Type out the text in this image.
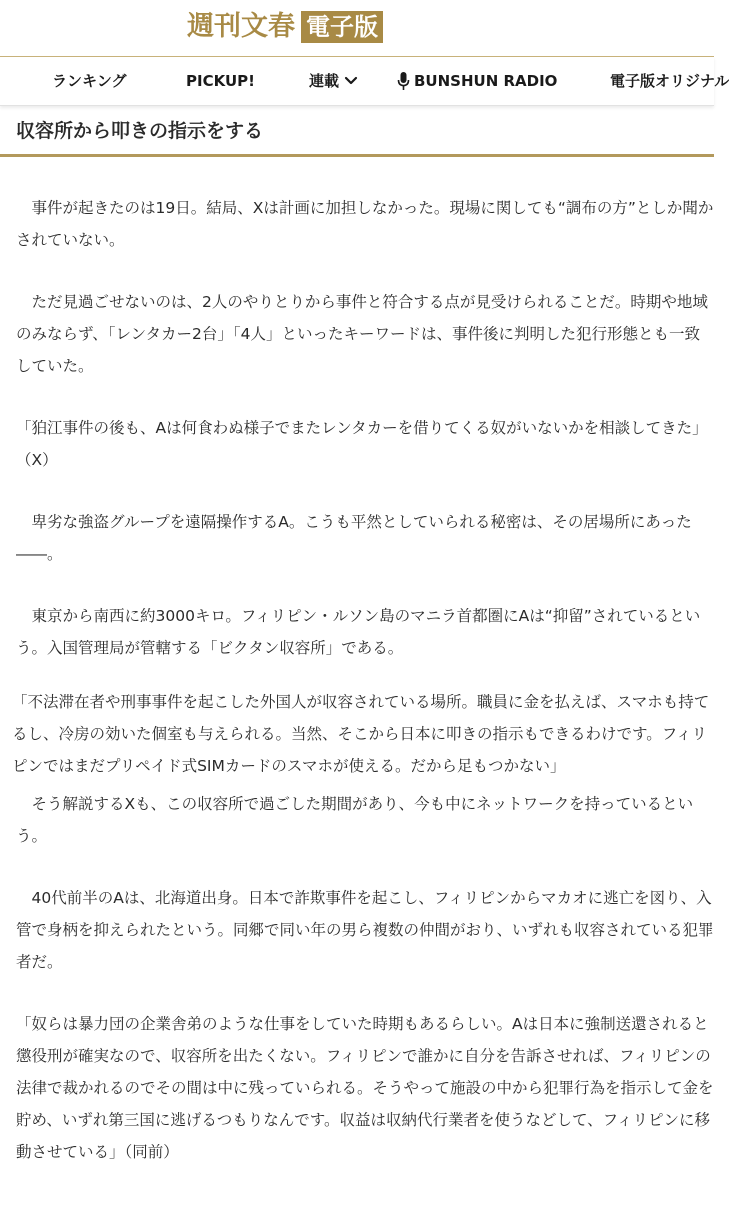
週刊文春 電子版
ランキング	PICKUP!	連載	BUNSHUN RADIO	電子版オリジナル
収容所から叩きの指示をする

事件が起きたのは19日。結局、Xは計画に加担しなかった。現場に関しても“調布の方”としか聞かされていない。

ただ見過ごせないのは、2人のやりとりから事件と符合する点が見受けられることだ。時期や地域のみならず、「レンタカー2台」「4人」といったキーワードは、事件後に判明した犯行形態とも一致していた。

「狛江事件の後も、Aは何食わぬ様子でまたレンタカーを借りてくる奴がいないかを相談してきた」（X）

卑劣な強盗グループを遠隔操作するA。こうも平然としていられる秘密は、その居場所にあった――。

東京から南西に約3000キロ。フィリピン・ルソン島のマニラ首都圏にAは“抑留”されているという。入国管理局が管轄する「ビクタン収容所」である。

「不法滞在者や刑事事件を起こした外国人が収容されている場所。職員に金を払えば、スマホも持てるし、冷房の効いた個室も与えられる。当然、そこから日本に叩きの指示もできるわけです。フィリピンではまだプリペイド式SIMカードのスマホが使える。だから足もつかない」

そう解説するXも、この収容所で過ごした期間があり、今も中にネットワークを持っているという。

40代前半のAは、北海道出身。日本で詐欺事件を起こし、フィリピンからマカオに逃亡を図り、入管で身柄を抑えられたという。同郷で同い年の男ら複数の仲間がおり、いずれも収容されている犯罪者だ。

「奴らは暴力団の企業舎弟のような仕事をしていた時期もあるらしい。Aは日本に強制送還されると懲役刑が確実なので、収容所を出たくない。フィリピンで誰かに自分を告訴させれば、フィリピンの法律で裁かれるのでその間は中に残っていられる。そうやって施設の中から犯罪行為を指示して金を貯め、いずれ第三国に逃げるつもりなんです。収益は収納代行業者を使うなどして、フィリピンに移動させている」（同前）
